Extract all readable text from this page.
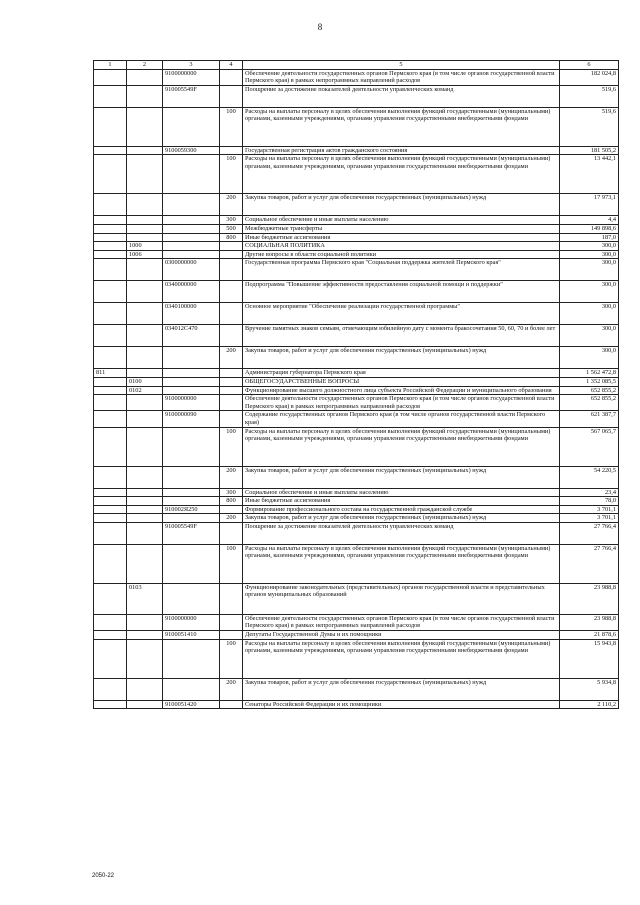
8
1	2	3	4	5	6
		9100000000		Обеспечение деятельности государственных органов Пермского края (в том числе органов государственной власти Пермского края) в рамках непрограммных направлений расходов	182 024,8
		910005549F		Поощрение за достижение показателей деятельности управленческих команд	519,6
			100	Расходы на выплаты персоналу в целях обеспечения выполнения функций государственными (муниципальными) органами, казенными учреждениями, органами управления государственными внебюджетными фондами	519,6
		9100059300		Государственная регистрация актов гражданского состояния	181 505,2
			100	Расходы на выплаты персоналу в целях обеспечения выполнения функций государственными (муниципальными) органами, казенными учреждениями, органами управления государственными внебюджетными фондами	13 442,1
			200	Закупка товаров, работ и услуг для обеспечения государственных (муниципальных) нужд	17 973,1
			300	Социальное обеспечение и иные выплаты населению	4,4
			500	Межбюджетные трансферты	149 898,6
			800	Иные бюджетные ассигнования	187,0
	1000			СОЦИАЛЬНАЯ ПОЛИТИКА	300,0
	1006			Другие вопросы в области социальной политики	300,0
		0300000000		Государственная программа Пермского края "Социальная поддержка жителей Пермского края"	300,0
		0340000000		Подпрограмма "Повышение эффективности предоставления социальной помощи и поддержки"	300,0
		0340100000		Основное мероприятие "Обеспечение реализации государственной программы"	300,0
		034012С470		Вручение памятных знаков семьям, отмечающим юбилейную дату с момента бракосочетания 50, 60, 70 и более лет	300,0
			200	Закупка товаров, работ и услуг для обеспечения государственных (муниципальных) нужд	300,0
811				Администрация губернатора Пермского края	1 562 472,8
	0100			ОБЩЕГОСУДАРСТВЕННЫЕ ВОПРОСЫ	1 352 085,5
	0102			Функционирование высшего должностного лица субъекта Российской Федерации и муниципального образования	652 855,2
		9100000000		Обеспечение деятельности государственных органов Пермского края (в том числе органов государственной власти Пермского края) в рамках непрограммных направлений расходов	652 855,2
		9100000090		Содержание государственных органов Пермского края (в том числе органов государственной власти Пермского края)	621 387,7
			100	Расходы на выплаты персоналу в целях обеспечения выполнения функций государственными (муниципальными) органами, казенными учреждениями, органами управления государственными внебюджетными фондами	567 065,7
			200	Закупка товаров, работ и услуг для обеспечения государственных (муниципальных) нужд	54 220,5
			300	Социальное обеспечение и иные выплаты населению	23,4
			800	Иные бюджетные ассигнования	78,0
		910002Я250		Формирование профессионального состава на государственной гражданской службе	3 701,1
			200	Закупка товаров, работ и услуг для обеспечения государственных (муниципальных) нужд	3 701,1
		910005549F		Поощрение за достижение показателей деятельности управленческих команд	27 766,4
			100	Расходы на выплаты персоналу в целях обеспечения выполнения функций государственными (муниципальными) органами, казенными учреждениями, органами управления государственными внебюджетными фондами	27 766,4
	0103			Функционирование законодательных (представительных) органов государственной власти и представительных органов муниципальных образований	23 988,8
		9100000000		Обеспечение деятельности государственных органов Пермского края (в том числе органов государственной власти Пермского края) в рамках непрограммных направлений расходов	23 988,8
		9100051410		Депутаты Государственной Думы и их помощники	21 878,6
			100	Расходы на выплаты персоналу в целях обеспечения выполнения функций государственными (муниципальными) органами, казенными учреждениями, органами управления государственными внебюджетными фондами	15 943,8
			200	Закупка товаров, работ и услуг для обеспечения государственных (муниципальных) нужд	5 934,8
		9100051420		Сенаторы Российской Федерации и их помощники	2 110,2
2050-22
